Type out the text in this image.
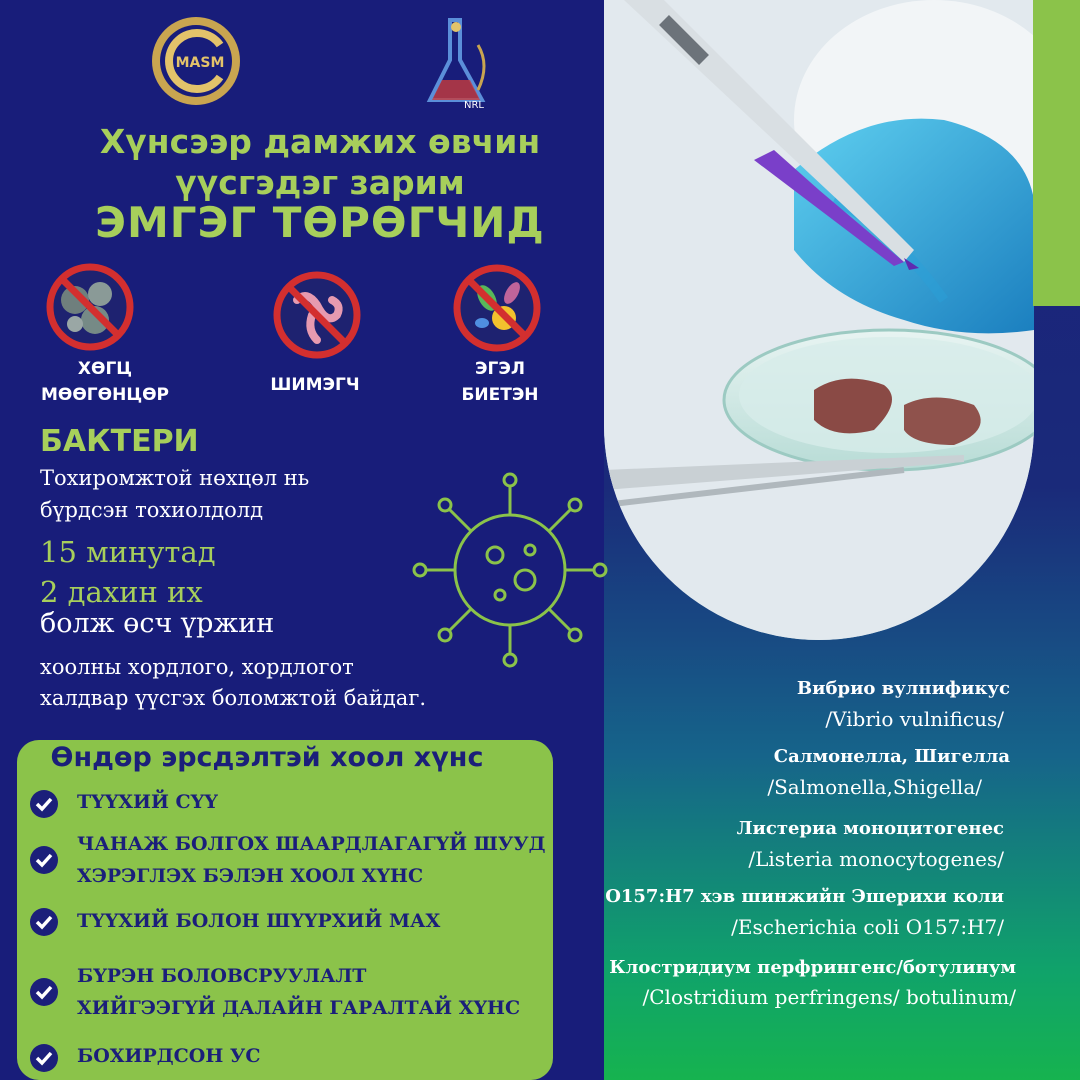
MASM
NRL
Хүнсээр дамжих өвчин
үүсгэдэг зарим
ЭМГЭГ ТӨРӨГЧИД
ХӨГЦ
МӨӨГӨНЦӨР	ШИМЭГЧ
ЭГЭЛ
БИЕТЭН
БАКТЕРИ
Тохиромжтой нөхцөл нь
бүрдсэн тохиолдолд
15 минутад
2 дахин их
болж өсч үржин
хоолны хордлого, хордлогот
халдвар үүсгэх боломжтой байдаг.
Өндөр эрсдэлтэй хоол хүнс
ТҮҮХИЙ СҮҮ
ЧАНАЖ БОЛГОХ ШААРДЛАГАГҮЙ ШУУД
ХЭРЭГЛЭХ БЭЛЭН ХООЛ ХҮНС
ТҮҮХИЙ БОЛОН ШҮҮРХИЙ МАХ
БҮРЭН БОЛОВСРУУЛАЛТ
ХИЙГЭЭГҮЙ ДАЛАЙН ГАРАЛТАЙ ХҮНС
БОХИРДСОН УС
Вибрио вулнификус
/Vibrio vulnificus/
Салмонелла, Шигелла
/Salmonella,Shigella/
Листериа моноцитогенес
/Listeria monocytogenes/
O157:H7 хэв шинжийн Эшерихи коли
/Escherichia coli O157:H7/
Клостридиум перфрингенс/ботулинум
/Clostridium perfringens/ botulinum/
